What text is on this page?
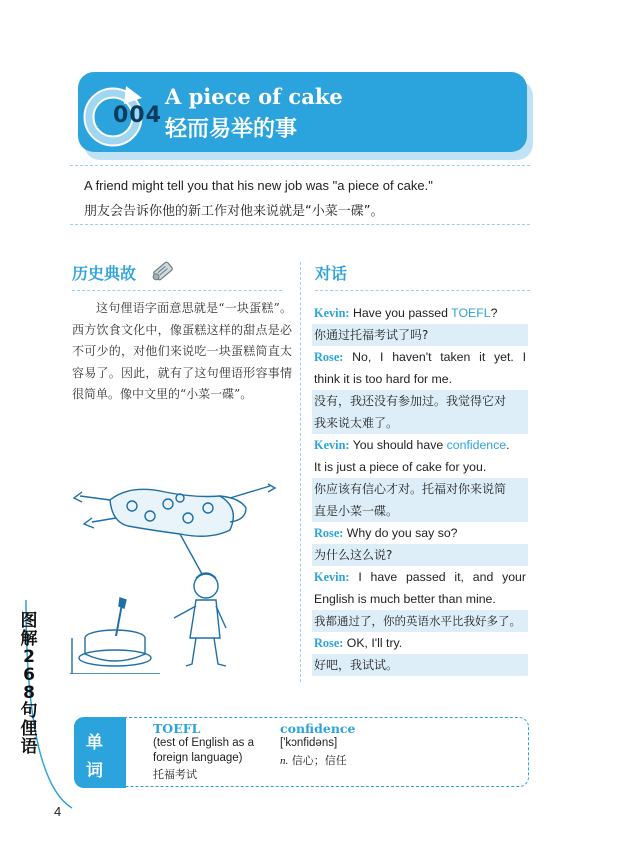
004
A piece of cake
轻而易举的事
A friend might tell you that his new job was "a piece of cake."
朋友会告诉你他的新工作对他来说就是“小菜一碟”。
历史典故
这句俚语字面意思就是“一块蛋糕”。西方饮食文化中，像蛋糕这样的甜点是必不可少的，对他们来说吃一块蛋糕简直太容易了。因此，就有了这句俚语形容事情很简单。像中文里的“小菜一碟”。
对话
Kevin: Have you passed TOEFL?
你通过托福考试了吗?
Rose: No, I haven't taken it yet. I
think it is too hard for me.
没有，我还没有参加过。我觉得它对
我来说太难了。
Kevin: You should have confidence.
It is just a piece of cake for you.
你应该有信心才对。托福对你来说简
直是小菜一碟。
Rose: Why do you say so?
为什么这么说?
Kevin: I have passed it, and your
English is much better than mine.
我都通过了，你的英语水平比我好多了。
Rose: OK, I'll try.
好吧，我试试。
单
词
TOEFL
(test of English as a
foreign language)
托福考试
confidence
['kɔnfidəns]
n. 信心；信任
图
解
2
6
8
句
俚
语
4
